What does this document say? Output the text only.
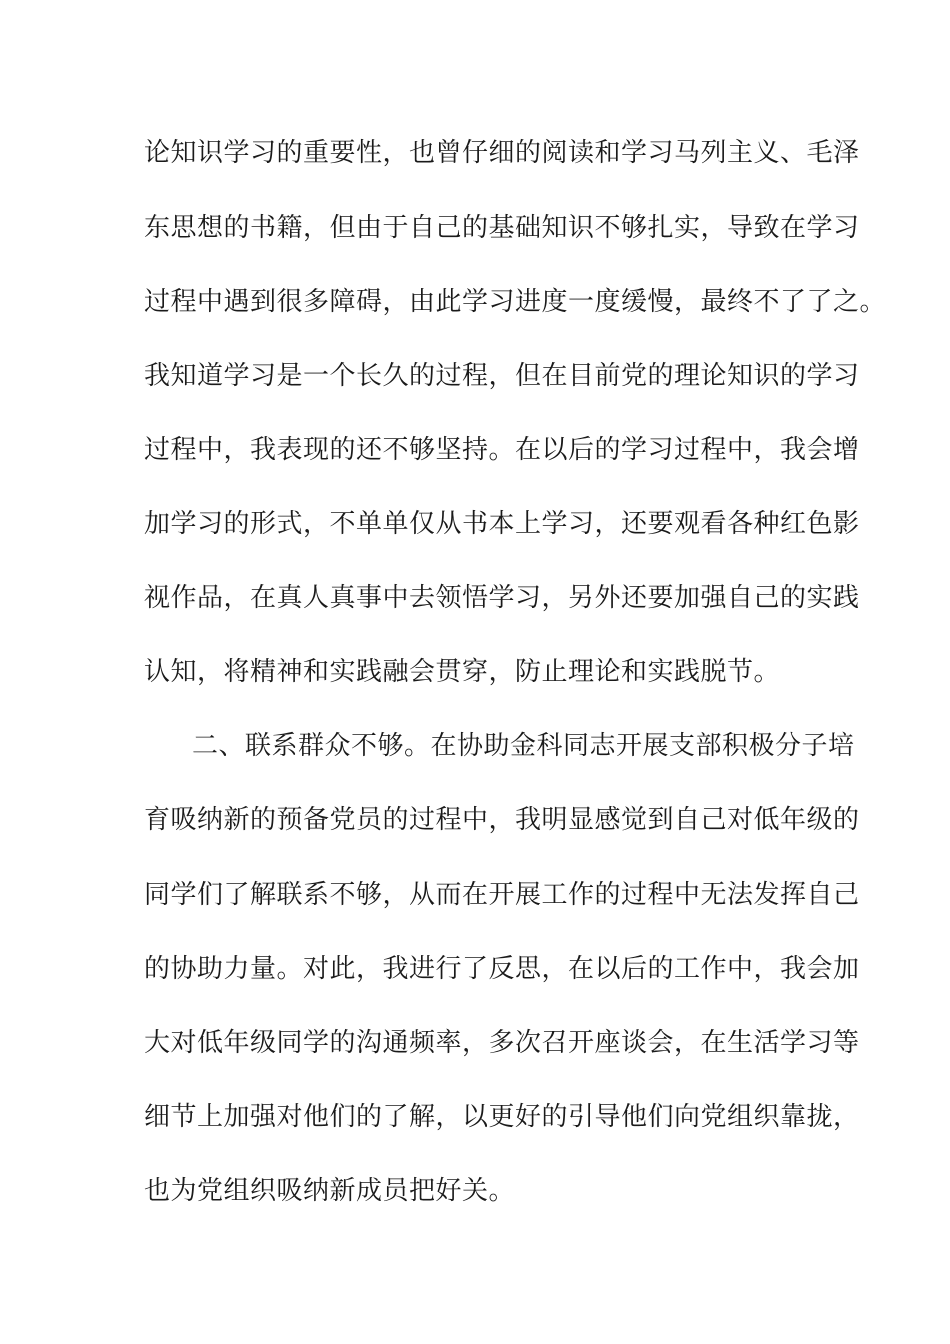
论知识学习的重要性，也曾仔细的阅读和学习马列主义、毛泽
东思想的书籍，但由于自己的基础知识不够扎实，导致在学习
过程中遇到很多障碍，由此学习进度一度缓慢，最终不了了之。
我知道学习是一个长久的过程，但在目前党的理论知识的学习
过程中，我表现的还不够坚持。在以后的学习过程中，我会增
加学习的形式，不单单仅从书本上学习，还要观看各种红色影
视作品，在真人真事中去领悟学习，另外还要加强自己的实践
认知，将精神和实践融会贯穿，防止理论和实践脱节。
二、联系群众不够。在协助金科同志开展支部积极分子培
育吸纳新的预备党员的过程中，我明显感觉到自己对低年级的
同学们了解联系不够，从而在开展工作的过程中无法发挥自己
的协助力量。对此，我进行了反思，在以后的工作中，我会加
大对低年级同学的沟通频率，多次召开座谈会，在生活学习等
细节上加强对他们的了解，以更好的引导他们向党组织靠拢，
也为党组织吸纳新成员把好关。
